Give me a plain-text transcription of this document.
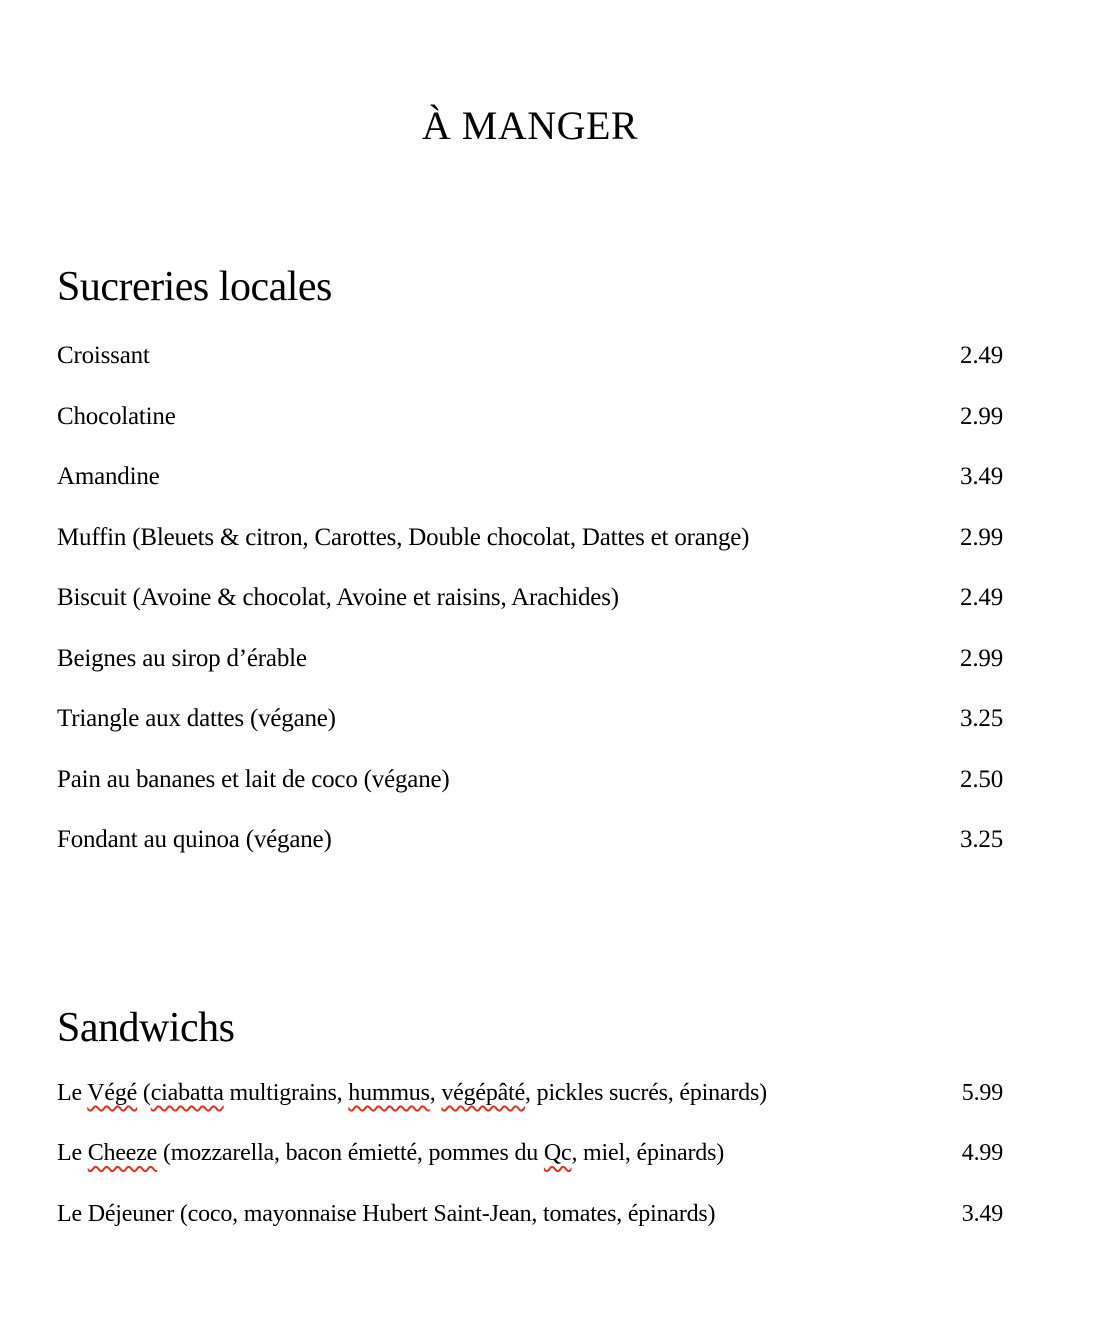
À MANGER
Sucreries locales
Croissant	2.49
Chocolatine	2.99
Amandine	3.49
Muffin (Bleuets & citron, Carottes, Double chocolat, Dattes et orange)	2.99
Biscuit (Avoine & chocolat, Avoine et raisins, Arachides)	2.49
Beignes au sirop d’érable	2.99
Triangle aux dattes (végane)	3.25
Pain au bananes et lait de coco (végane)	2.50
Fondant au quinoa (végane)	3.25
Sandwichs
Le Végé (ciabatta multigrains, hummus, végépâté, pickles sucrés, épinards)	5.99
Le Cheeze (mozzarella, bacon émietté, pommes du Qc, miel, épinards)	4.99
Le Déjeuner (coco, mayonnaise Hubert Saint-Jean, tomates, épinards)	3.49
